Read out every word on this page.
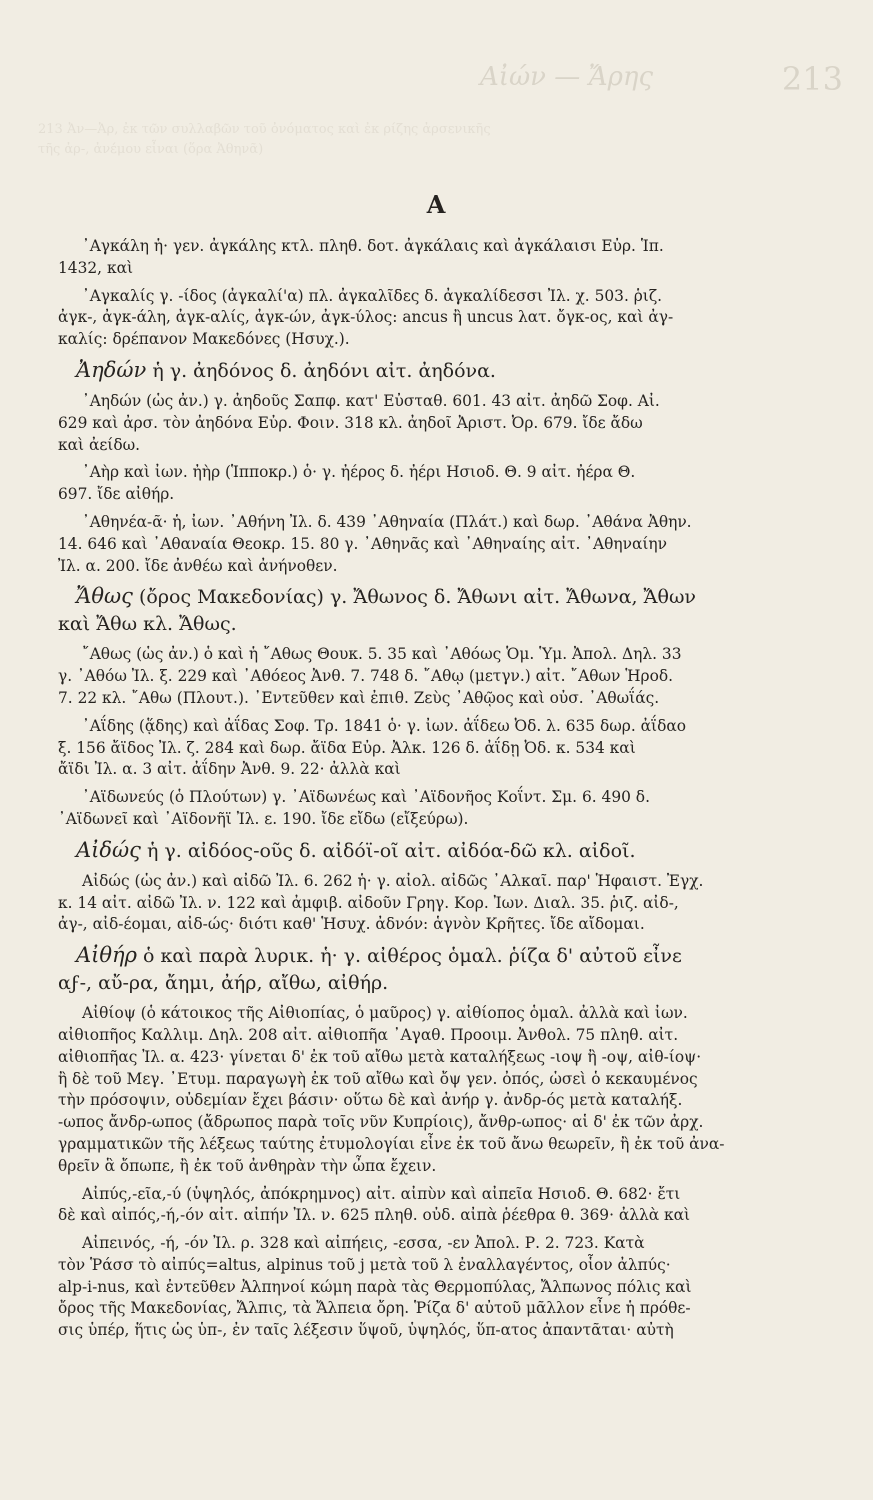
Αἰών — Ἄρης	213
213 Ἀν—Ἀρ, ἐκ τῶν συλλαβῶν τοῦ ὀνόματος καὶ ἐκ ρίζης ἀρσενικῆς
τῆς ἀρ-, ἀνέμου εἶναι (ὅρα Ἀθηνᾶ)
Α

᾿Αγκάλη ἡ· γεν. ἀγκάλης κτλ. πληθ. δοτ. ἀγκάλαις καὶ ἀγκάλαισι Εὐρ. Ἱπ.

1432, καὶ

᾿Αγκαλίς γ. -ίδος (ἀγκαλί'α) πλ. ἀγκαλῖδες δ. ἀγκαλίδεσσι Ἰλ. χ. 503. ῥιζ.

ἀγκ-, ἀγκ-άλη, ἀγκ-αλίς, ἀγκ-ών, ἀγκ-ύλος: ancus ἢ uncus λατ. ὄγκ-ος, καὶ ἀγ-

καλίς: δρέπανον Μακεδόνες (Ησυχ.).

Ἀηδών ἡ γ. ἀηδόνος δ. ἀηδόνι αἰτ. ἀηδόνα.

᾿Αηδών (ὡς ἀν.) γ. ἀηδοῦς Σαπφ. κατ' Εὐσταθ. 601. 43 αἰτ. ἀηδῶ Σοφ. Αἰ.

629 καὶ ἀρσ. τὸν ἀηδόνα Εὐρ. Φοιν. 318 κλ. ἀηδοῖ Ἀριστ. Ὀρ. 679. ἴδε ἄδω

καὶ ἀείδω.

᾿Αὴρ καὶ ἰων. ἠὴρ (Ἱπποκρ.) ὁ· γ. ἠέρος δ. ἠέρι Ησιοδ. Θ. 9 αἰτ. ἠέρα Θ.

697. ἴδε αἰθήρ.

᾿Αθηνέα-ᾶ· ἡ, ἰων. ᾿Αθήνη Ἰλ. δ. 439 ᾿Αθηναία (Πλάτ.) καὶ δωρ. ᾿Αθάνα Ἀθην.

14. 646 καὶ ᾿Αθαναία Θεοκρ. 15. 80 γ. ᾿Αθηνᾶς καὶ ᾿Αθηναίης αἰτ. ᾿Αθηναίην

Ἰλ. α. 200. ἴδε ἀνθέω καὶ ἀνήνοθεν.

Ἄθως (ὄρος Μακεδονίας) γ. Ἄθωνος δ. Ἄθωνι αἰτ. Ἄθωνα, Ἄθων

καὶ Ἄθω κλ. Ἄθως.

῎Αθως (ὡς ἀν.) ὁ καὶ ἡ ῎Αθως Θουκ. 5. 35 καὶ ᾿Αθόως Ὁμ. Ὑμ. Ἀπολ. Δηλ. 33

γ. ᾿Αθόω Ἰλ. ξ. 229 καὶ ᾿Αθόεος Ἀνθ. 7. 748 δ. ῎Αθῳ (μετγν.) αἰτ. ῎Αθων Ἡροδ.

7. 22 κλ. ῎Αθω (Πλουτ.). ᾿Εντεῦθεν καὶ ἐπιθ. Ζεὺς ᾿Αθῷος καὶ οὐσ. ᾿Αθωΐάς.

᾿Αΐδης (ᾅδης) καὶ ἀΐδας Σοφ. Τρ. 1841 ὁ· γ. ἰων. ἀΐδεω Ὀδ. λ. 635 δωρ. ἀΐδαο

ξ. 156 ἄϊδος Ἰλ. ζ. 284 καὶ δωρ. ἄϊδα Εὐρ. Ἀλκ. 126 δ. ἀΐδῃ Ὀδ. κ. 534 καὶ

ἄϊδι Ἰλ. α. 3 αἰτ. ἀΐδην Ἀνθ. 9. 22· ἀλλὰ καὶ

᾿Αϊδωνεύς (ὁ Πλούτων) γ. ᾿Αϊδωνέως καὶ ᾿Αϊδονῆος Κοΐντ. Σμ. 6. 490 δ.

᾿Αϊδωνεῖ καὶ ᾿Αϊδονῆϊ Ἰλ. ε. 190. ἴδε εἴδω (εἴξεύρω).

Αἰδώς ἡ γ. αἰδόος-οῦς δ. αἰδόϊ-οῖ αἰτ. αἰδόα-δῶ κλ. αἰδοῖ.

Αἰδώς (ὡς ἀν.) καὶ αἰδῶ Ἰλ. 6. 262 ἡ· γ. αἰολ. αἰδῶς ᾿Αλκαῖ. παρ' Ἡφαιστ. Ἐγχ.

κ. 14 αἰτ. αἰδῶ Ἰλ. ν. 122 καὶ ἀμφιβ. αἰδοῦν Γρηγ. Κορ. Ἰων. Διαλ. 35. ῥιζ. αἰδ-,

ἀγ-, αἰδ-έομαι, αἰδ-ώς· διότι καθ' Ἡσυχ. ἀδνόν: ἁγνὸν Κρῆτες. ἴδε αἴδομαι.

Αἰθήρ ὁ καὶ παρὰ λυρικ. ἡ· γ. αἰθέρος ὁμαλ. ῥίζα δ' αὐτοῦ εἶνε

αϝ-, αὔ-ρα, ἄημι, ἀήρ, αἴθω, αἰθήρ.

Αἰθίοψ (ὁ κάτοικος τῆς Αἰθιοπίας, ὁ μαῦρος) γ. αἰθίοπος ὁμαλ. ἀλλὰ καὶ ἰων.

αἰθιοπῆος Καλλιμ. Δηλ. 208 αἰτ. αἰθιοπῆα ᾿Αγαθ. Προοιμ. Ἀνθολ. 75 πληθ. αἰτ.

αἰθιοπῆας Ἰλ. α. 423· γίνεται δ' ἐκ τοῦ αἴθω μετὰ καταλήξεως -ιοψ ἢ -οψ, αἰθ-ίοψ·

ἢ δὲ τοῦ Μεγ. ᾿Ετυμ. παραγωγὴ ἐκ τοῦ αἴθω καὶ ὄψ γεν. ὀπός, ὡσεὶ ὁ κεκαυμένος

τὴν πρόσοψιν, οὐδεμίαν ἔχει βάσιν· οὕτω δὲ καὶ ἀνήρ γ. ἀνδρ-ός μετὰ καταλήξ.

-ωπος ἄνδρ-ωπος (ἄδρωπος παρὰ τοῖς νῦν Κυπρίοις), ἄνθρ-ωπος· αἱ δ' ἐκ τῶν ἀρχ.

γραμματικῶν τῆς λέξεως ταύτης ἐτυμολογίαι εἶνε ἐκ τοῦ ἄνω θεωρεῖν, ἢ ἐκ τοῦ ἀνα-

θρεῖν ἃ ὄπωπε, ἢ ἐκ τοῦ ἀνθηρὰν τὴν ὦπα ἔχειν.

Αἰπύς,-εῖα,-ύ (ὑψηλός, ἀπόκρημνος) αἰτ. αἰπὺν καὶ αἰπεῖα Ησιοδ. Θ. 682· ἔτι

δὲ καὶ αἰπός,-ή,-όν αἰτ. αἰπήν Ἰλ. ν. 625 πληθ. οὐδ. αἰπὰ ῥέεθρα θ. 369· ἀλλὰ καὶ

Αἰπεινός, -ή, -όν Ἰλ. ρ. 328 καὶ αἰπήεις, -εσσα, -εν Ἀπολ. Ρ. 2. 723. Κατὰ

τὸν Ῥάσσ τὸ αἰπύς=altus, alpinus τοῦ j μετὰ τοῦ λ ἐναλλαγέντος, οἷον ἀλπύς·

alp-i-nus, καὶ ἐντεῦθεν Ἀλπηνοί κώμη παρὰ τὰς Θερμοπύλας, Ἄλπωνος πόλις καὶ

ὄρος τῆς Μακεδονίας, Ἄλπις, τὰ Ἄλπεια ὄρη. Ῥίζα δ' αὐτοῦ μᾶλλον εἶνε ἡ πρόθε-

σις ὑπέρ, ἥτις ὡς ὑπ-, ἐν ταῖς λέξεσιν ὕψοῦ, ὑψηλός, ὕπ-ατος ἀπαντᾶται· αὐτὴ
